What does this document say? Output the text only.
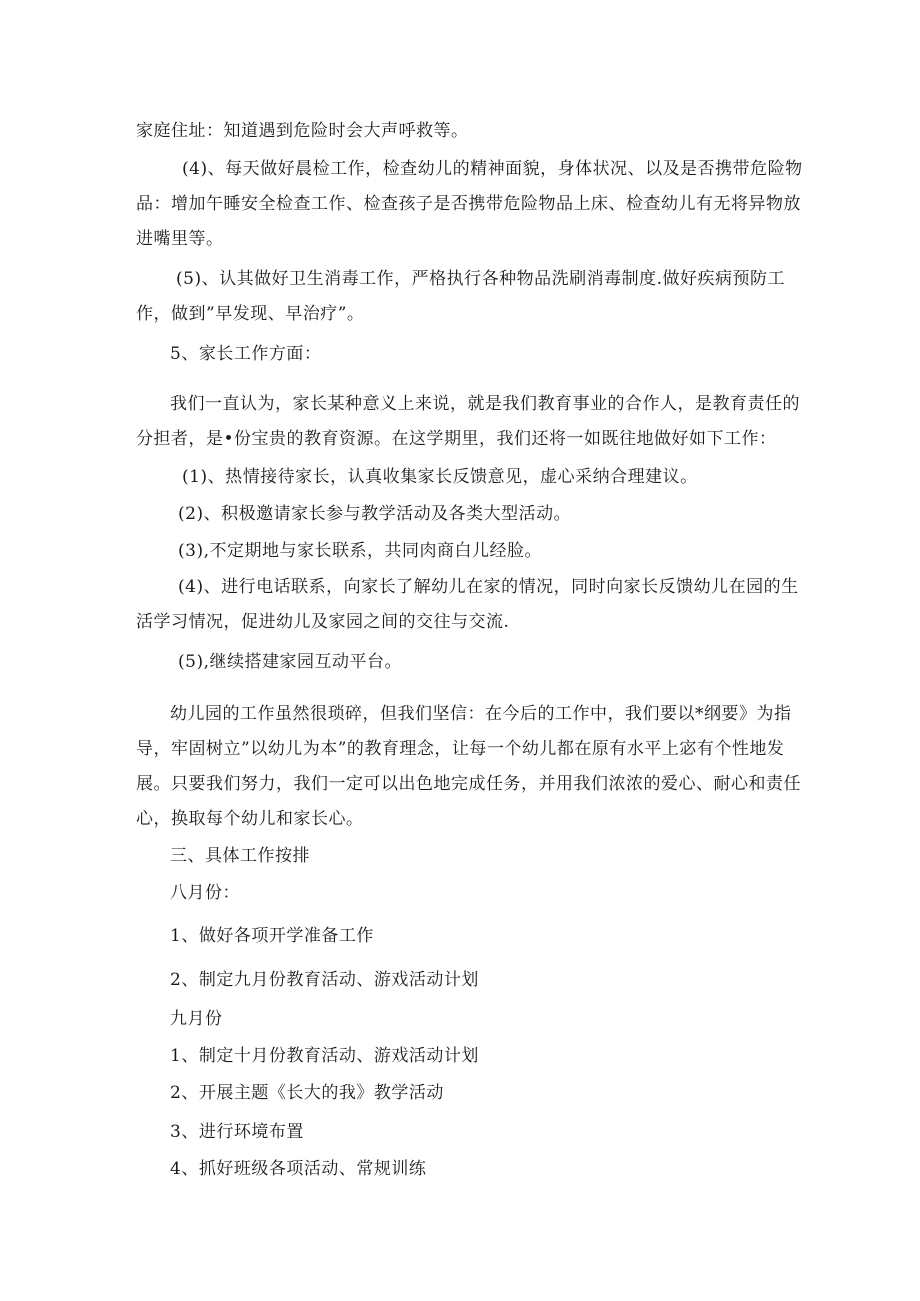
家庭住址：知道遇到危险时会大声呼救等。
(4)、每天做好晨检工作，检查幼儿的精神面貌，身体状况、以及是否携带危险物
品：增加午睡安全检查工作、检查孩子是否携带危险物品上床、检查幼儿有无将异物放
进嘴里等。
(5)、认其做好卫生消毒工作，严格执行各种物品洗刷消毒制度.做好疾病预防工
作，做到”早发现、早治疗”。
5、家长工作方面：
我们一直认为，家长某种意义上来说，就是我们教育事业的合作人，是教育责任的
分担者，是•份宝贵的教育资源。在这学期里，我们还将一如既往地做好如下工作：
(1)、热情接待家长，认真收集家长反馈意见，虚心采纳合理建议。
(2)、积极邀请家长参与教学活动及各类大型活动。
(3),不定期地与家长联系，共同肉商白儿经脸。
(4)、进行电话联系，向家长了解幼儿在家的情况，同时向家长反馈幼儿在园的生
活学习情况，促进幼儿及家园之间的交往与交流.
(5),继续搭建家园互动平台。
幼儿园的工作虽然很琐碎，但我们坚信：在今后的工作中，我们要以*纲要》为指
导，牢固树立”以幼儿为本”的教育理念，让每一个幼儿都在原有水平上宓有个性地发
展。只要我们努力，我们一定可以出色地完成任务，并用我们浓浓的爱心、耐心和责任
心，换取每个幼儿和家长心。
三、具体工作按排
八月份：
1、做好各项开学准备工作
2、制定九月份教育活动、游戏活动计划
九月份
1、制定十月份教育活动、游戏活动计划
2、开展主题《长大的我》教学活动
3、进行环境布置
4、抓好班级各项活动、常规训练
